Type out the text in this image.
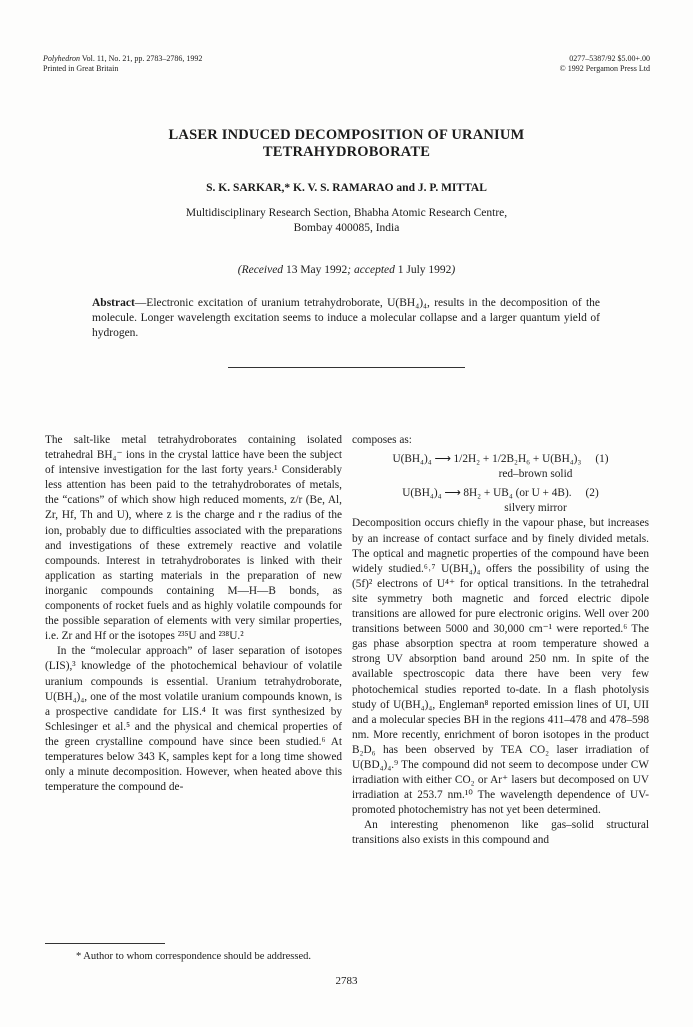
Polyhedron Vol. 11, No. 21, pp. 2783–2786, 1992
Printed in Great Britain
0277–5387/92 $5.00+.00
© 1992 Pergamon Press Ltd
LASER INDUCED DECOMPOSITION OF URANIUM
TETRAHYDROBORATE
S. K. SARKAR,* K. V. S. RAMARAO and J. P. MITTAL
Multidisciplinary Research Section, Bhabha Atomic Research Centre,
Bombay 400085, India
(Received 13 May 1992; accepted 1 July 1992)
Abstract—Electronic excitation of uranium tetrahydroborate, U(BH₄)₄, results in the decomposition of the molecule. Longer wavelength excitation seems to induce a molecular collapse and a larger quantum yield of hydrogen.

The salt-like metal tetrahydroborates containing isolated tetrahedral BH₄⁻ ions in the crystal lattice have been the subject of intensive investigation for the last forty years.¹ Considerably less attention has been paid to the tetrahydroborates of metals, the “cations” of which show high reduced moments, z/r (Be, Al, Zr, Hf, Th and U), where z is the charge and r the radius of the ion, probably due to difficulties associated with the preparations and investigations of these extremely reactive and volatile compounds. Interest in tetrahydroborates is linked with their application as starting materials in the preparation of new inorganic compounds containing M—H—B bonds, as components of rocket fuels and as highly volatile compounds for the possible separation of elements with very similar properties, i.e. Zr and Hf or the isotopes ²³⁵U and ²³⁸U.²

In the “molecular approach” of laser separation of isotopes (LIS),³ knowledge of the photochemical behaviour of volatile uranium compounds is essential. Uranium tetrahydroborate, U(BH₄)₄, one of the most volatile uranium compounds known, is a prospective candidate for LIS.⁴ It was first synthesized by Schlesinger et al.⁵ and the physical and chemical properties of the green crystalline compound have since been studied.⁶ At temperatures below 343 K, samples kept for a long time showed only a minute decomposition. However, when heated above this temperature the compound de-

composes as:

U(BH₄)₄ ⟶ 1/2H₂ + 1/2B₂H₆ + U(BH₄)₃ (1)
red–brown solid
U(BH₄)₄ ⟶ 8H₂ + UB₄ (or U + 4B). (2)
silvery mirror

Decomposition occurs chiefly in the vapour phase, but increases by an increase of contact surface and by finely divided metals. The optical and magnetic properties of the compound have been widely studied.⁶˒⁷ U(BH₄)₄ offers the possibility of using the (5f)² electrons of U⁴⁺ for optical transitions. In the tetrahedral site symmetry both magnetic and forced electric dipole transitions are allowed for pure electronic origins. Well over 200 transitions between 5000 and 30,000 cm⁻¹ were reported.⁶ The gas phase absorption spectra at room temperature showed a strong UV absorption band around 250 nm. In spite of the available spectroscopic data there have been very few photochemical studies reported to-date. In a flash photolysis study of U(BH₄)₄, Engleman⁸ reported emission lines of UI, UII and a molecular species BH in the regions 411–478 and 478–598 nm. More recently, enrichment of boron isotopes in the product B₂D₆ has been observed by TEA CO₂ laser irradiation of U(BD₄)₄.⁹ The compound did not seem to decompose under CW irradiation with either CO₂ or Ar⁺ lasers but decomposed on UV irradiation at 253.7 nm.¹⁰ The wavelength dependence of UV-promoted photochemistry has not yet been determined.

An interesting phenomenon like gas–solid structural transitions also exists in this compound and

* Author to whom correspondence should be addressed.
2783
